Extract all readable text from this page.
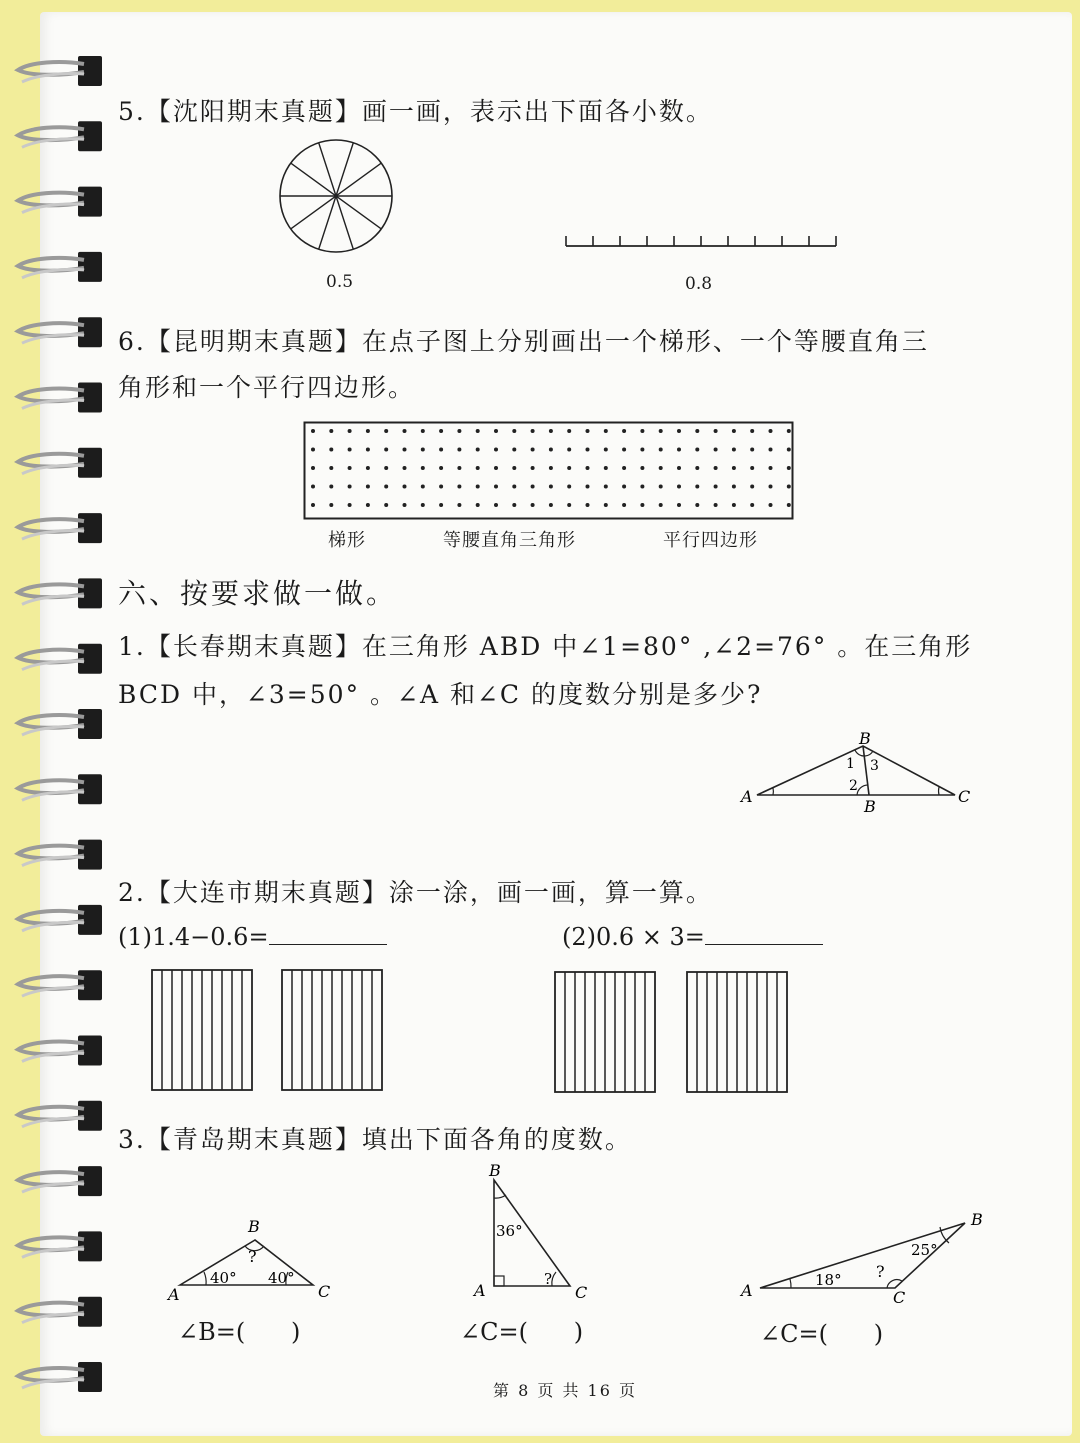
5.【沈阳期末真题】画一画，表示出下面各小数。
0.5	0.8
6.【昆明期末真题】在点子图上分别画出一个梯形、一个等腰直角三
角形和一个平行四边形。
梯形	等腰直角三角形	平行四边形
六、按要求做一做。
1.【长春期末真题】在三角形 ABD 中∠1=80° ,∠2=76° 。在三角形
BCD 中，∠3=50° 。∠A 和∠C 的度数分别是多少?
B
A	C
B
1 3
2
2.【大连市期末真题】涂一涂，画一画，算一算。
(1)1.4−0.6=	(2)0.6 × 3=
3.【青岛期末真题】填出下面各角的度数。
B
A	C
?
40° 40°
∠B=(      )
B
A	C
36°
?
∠C=(      )
B
A	C
18°
25°
?
∠C=(      )
第 8 页 共 16 页
